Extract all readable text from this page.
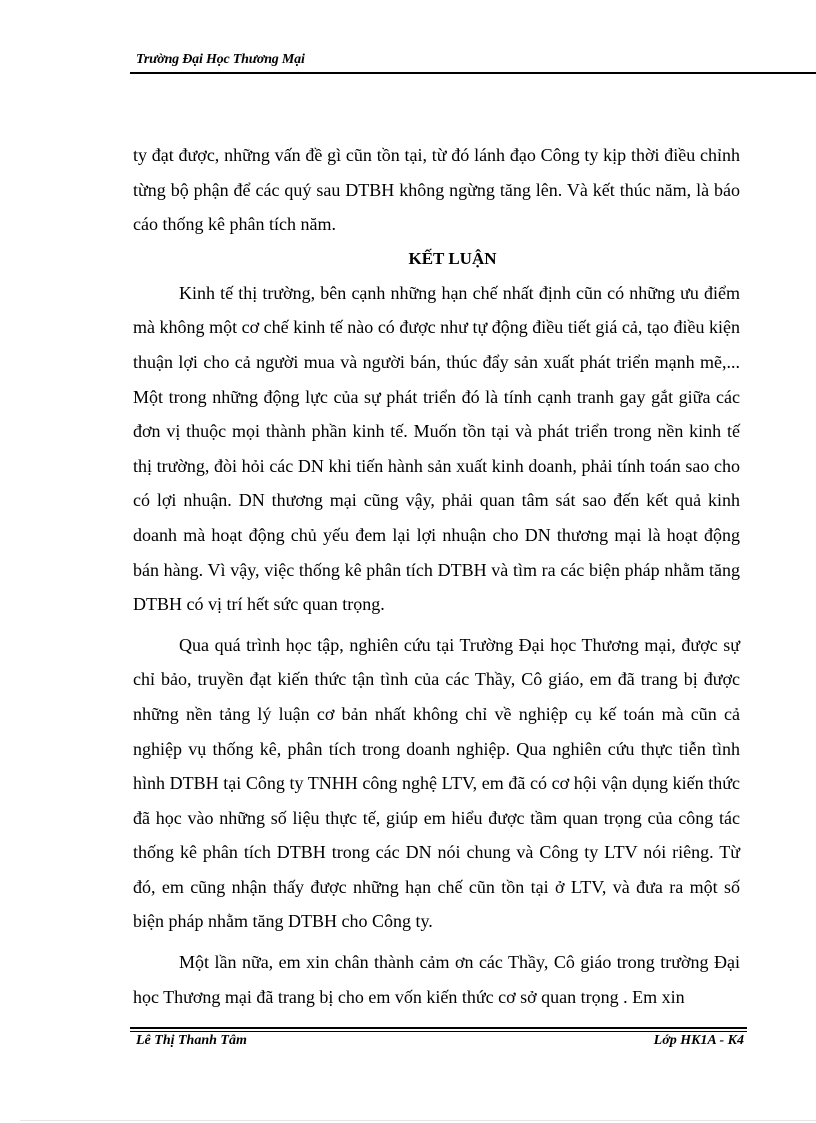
Trường Đại Học Thương Mại

ty đạt được, những vấn đề gì cũn tồn tại, từ đó lánh đạo Công ty kịp thời điều chỉnh từng bộ phận để các quý sau DTBH không ngừng tăng lên. Và kết thúc năm, là báo cáo thống kê phân tích năm.

KẾT LUẬN

Kinh tế thị trường, bên cạnh những hạn chế nhất định cũn có những ưu điểm mà không một cơ chế kinh tế nào có được như tự động điều tiết giá cả, tạo điều kiện thuận lợi cho cả người mua và người bán, thúc đẩy sản xuất phát triển mạnh mẽ,... Một trong những động lực của sự phát triển đó là tính cạnh tranh gay gắt giữa các đơn vị thuộc mọi thành phần kinh tế. Muốn tồn tại và phát triển trong nền kinh tế thị trường, đòi hỏi các DN khi tiến hành sản xuất kinh doanh, phải tính toán sao cho có lợi nhuận. DN thương mại cũng vậy, phải quan tâm sát sao đến kết quả kinh doanh mà hoạt động chủ yếu đem lại lợi nhuận cho DN thương mại là hoạt động bán hàng. Vì vậy, việc thống kê phân tích DTBH và tìm ra các biện pháp nhằm tăng DTBH có vị trí hết sức quan trọng.

Qua quá trình học tập, nghiên cứu tại Trường Đại học Thương mại, được sự chỉ bảo, truyền đạt kiến thức tận tình của các Thầy, Cô giáo, em đã trang bị được những nền tảng lý luận cơ bản nhất không chỉ về nghiệp cụ kế toán mà cũn cả nghiệp vụ thống kê, phân tích trong doanh nghiệp. Qua nghiên cứu thực tiễn tình hình DTBH tại Công ty TNHH công nghệ LTV, em đã có cơ hội vận dụng kiến thức đã học vào những số liệu thực tế, giúp em hiểu được tầm quan trọng của công tác thống kê phân tích DTBH trong các DN nói chung và Công ty LTV nói riêng. Từ đó, em cũng nhận thấy được những hạn chế cũn tồn tại ở LTV, và đưa ra một số biện pháp nhằm tăng DTBH cho Công ty.

Một lần nữa, em xin chân thành cảm ơn các Thầy, Cô giáo trong trường Đại học Thương mại đã trang bị cho em vốn kiến thức cơ sở quan trọng . Em xin

Lê Thị Thanh Tâm	Lớp HK1A - K4
